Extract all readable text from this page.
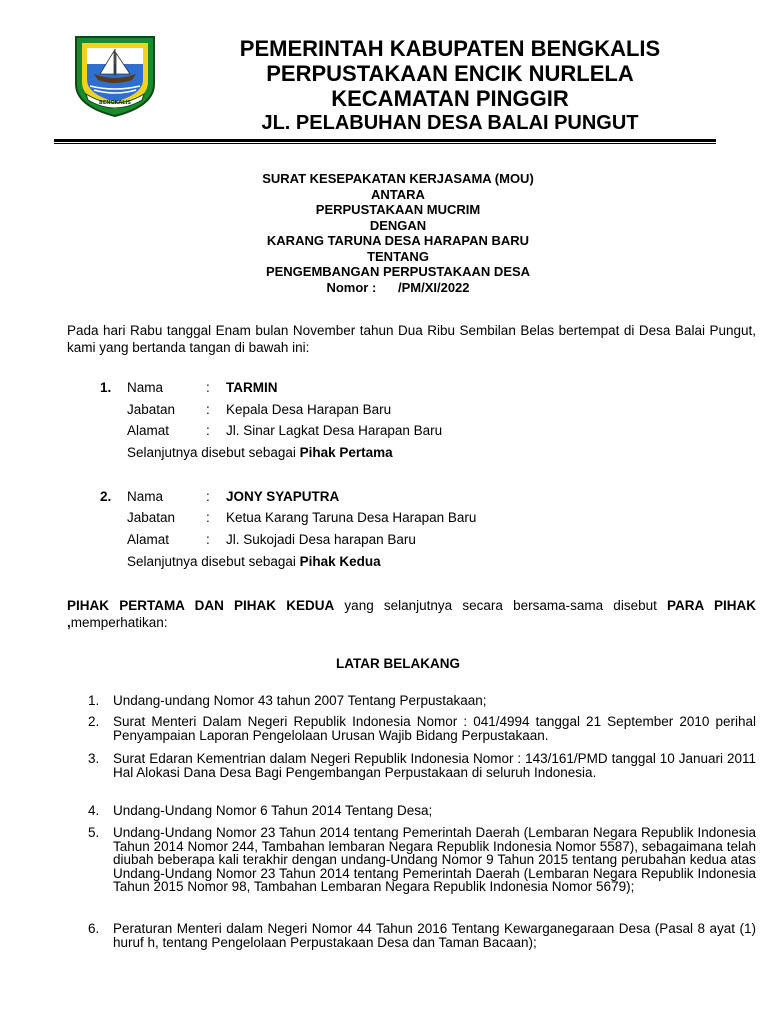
BENGKALIS
PEMERINTAH KABUPATEN BENGKALIS
PERPUSTAKAAN ENCIK NURLELA
KECAMATAN PINGGIR
JL. PELABUHAN DESA BALAI PUNGUT
SURAT KESEPAKATAN KERJASAMA (MOU)
ANTARA
PERPUSTAKAAN MUCRIM
DENGAN
KARANG TARUNA DESA HARAPAN BARU
TENTANG
PENGEMBANGAN PERPUSTAKAAN DESA
Nomor :      /PM/XI/2022
Pada hari Rabu tanggal Enam bulan November tahun Dua Ribu Sembilan Belas bertempat di Desa Balai Pungut, kami yang bertanda tangan di bawah ini:
1. Nama	: TARMIN
Jabatan : Kepala Desa Harapan Baru
Alamat	: Jl. Sinar Lagkat Desa Harapan Baru
Selanjutnya disebut sebagai Pihak Pertama
2. Nama	: JONY SYAPUTRA
Jabatan : Ketua Karang Taruna Desa Harapan Baru
Alamat	: Jl. Sukojadi Desa harapan Baru
Selanjutnya disebut sebagai Pihak Kedua
PIHAK PERTAMA DAN PIHAK KEDUA yang selanjutnya secara bersama-sama disebut PARA PIHAK ,memperhatikan:
LATAR BELAKANG
1. Undang-undang Nomor 43 tahun 2007 Tentang Perpustakaan;
2. Surat Menteri Dalam Negeri Republik Indonesia Nomor : 041/4994 tanggal 21 September 2010 perihal Penyampaian Laporan Pengelolaan Urusan Wajib Bidang Perpustakaan.
3. Surat Edaran Kementrian dalam Negeri Republik Indonesia Nomor : 143/161/PMD tanggal 10 Januari 2011 Hal Alokasi Dana Desa Bagi Pengembangan Perpustakaan di seluruh Indonesia.
4. Undang-Undang Nomor 6 Tahun 2014 Tentang Desa;
5. Undang-Undang Nomor 23 Tahun 2014 tentang Pemerintah Daerah (Lembaran Negara Republik Indonesia Tahun 2014 Nomor 244, Tambahan lembaran Negara Republik Indonesia Nomor 5587), sebagaimana telah diubah beberapa kali terakhir dengan undang-Undang Nomor 9 Tahun 2015 tentang perubahan kedua atas Undang-Undang Nomor 23 Tahun 2014 tentang Pemerintah Daerah (Lembaran Negara Republik Indonesia Tahun 2015 Nomor 98, Tambahan Lembaran Negara Republik Indonesia Nomor 5679);
6. Peraturan Menteri dalam Negeri Nomor 44 Tahun 2016 Tentang Kewarganegaraan Desa (Pasal 8 ayat (1) huruf h, tentang Pengelolaan Perpustakaan Desa dan Taman Bacaan);
